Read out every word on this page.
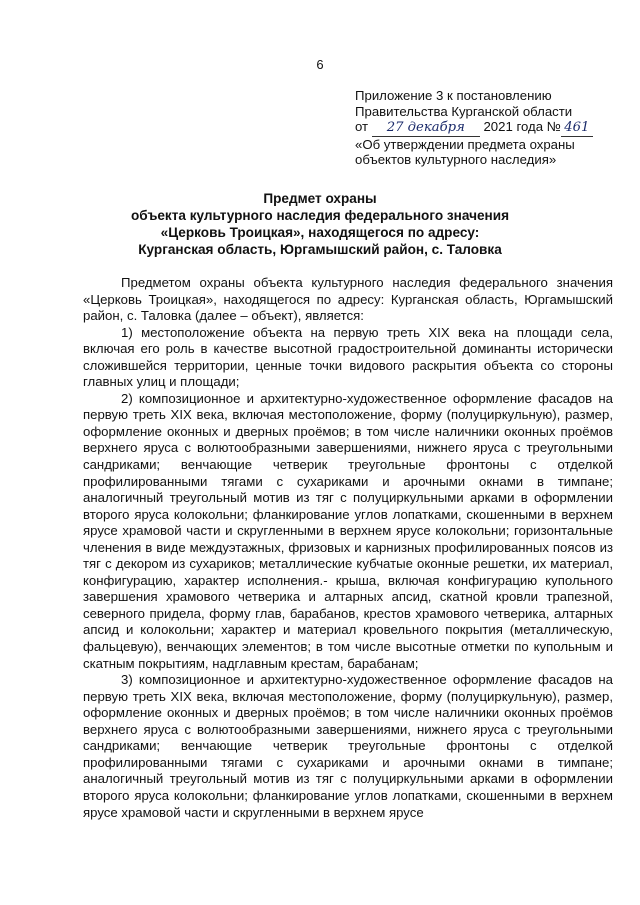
6
Приложение 3 к постановлению
Правительства Курганской области
от 27 декабря 2021 года № 461
«Об утверждении предмета охраны
объектов культурного наследия»
Предмет охраны
объекта культурного наследия федерального значения
«Церковь Троицкая», находящегося по адресу:
Курганская область, Юргамышский район, с. Таловка

Предметом охраны объекта культурного наследия федерального значения «Церковь Троицкая», находящегося по адресу: Курганская область, Юргамышский район, с. Таловка (далее – объект), является:

1) местоположение объекта на первую треть XIX века на площади села, включая его роль в качестве высотной градостроительной доминанты исторически сложившейся территории, ценные точки видового раскрытия объекта со стороны главных улиц и площади;

2) композиционное и архитектурно-художественное оформление фасадов на первую треть XIX века, включая местоположение, форму (полуциркульную), размер, оформление оконных и дверных проёмов; в том числе наличники оконных проёмов верхнего яруса с волютообразными завершениями, нижнего яруса с треугольными сандриками; венчающие четверик треугольные фронтоны с отделкой профилированными тягами с сухариками и арочными окнами в тимпане; аналогичный треугольный мотив из тяг с полуциркульными арками в оформлении второго яруса колокольни; фланкирование углов лопатками, скошенными в верхнем ярусе храмовой части и скругленными в верхнем ярусе колокольни; горизонтальные членения в виде междуэтажных, фризовых и карнизных профилированных поясов из тяг с декором из сухариков; металлические кубчатые оконные решетки, их материал, конфигурацию, характер исполнения.- крыша, включая конфигурацию купольного завершения храмового четверика и алтарных апсид, скатной кровли трапезной, северного придела, форму глав, барабанов, крестов храмового четверика, алтарных апсид и колокольни; характер и материал кровельного покрытия (металлическую, фальцевую), венчающих элементов; в том числе высотные отметки по купольным и скатным покрытиям, надглавным крестам, барабанам;

3) композиционное и архитектурно-художественное оформление фасадов на первую треть XIX века, включая местоположение, форму (полуциркульную), размер, оформление оконных и дверных проёмов; в том числе наличники оконных проёмов верхнего яруса с волютообразными завершениями, нижнего яруса с треугольными сандриками; венчающие четверик треугольные фронтоны с отделкой профилированными тягами с сухариками и арочными окнами в тимпане; аналогичный треугольный мотив из тяг с полуциркульными арками в оформлении второго яруса колокольни; фланкирование углов лопатками, скошенными в верхнем ярусе храмовой части и скругленными в верхнем ярусе
